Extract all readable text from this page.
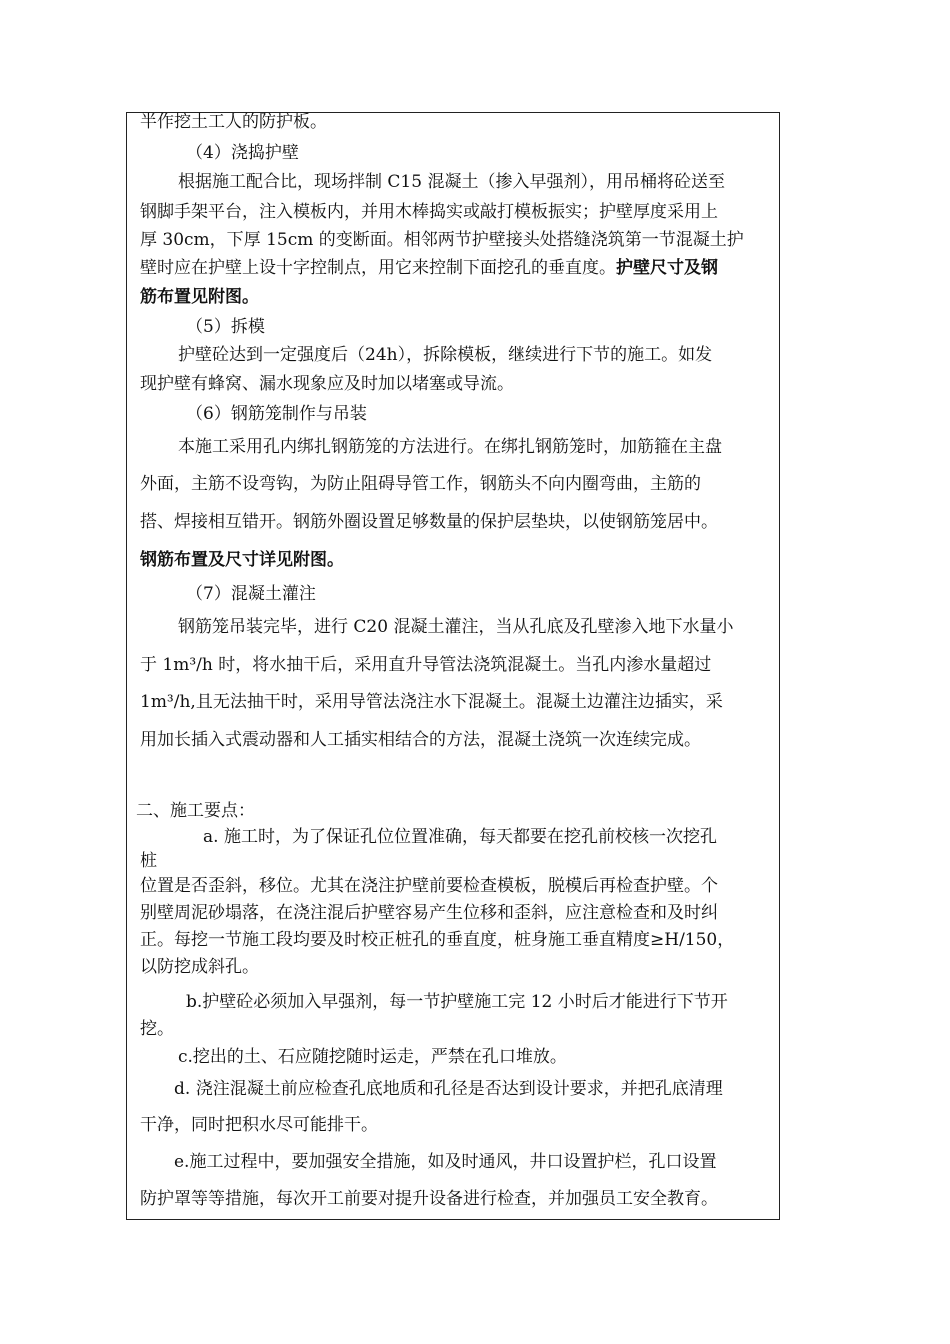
半作挖土工人的防护板。
（4）浇捣护壁
根据施工配合比，现场拌制 C15 混凝土（掺入早强剂），用吊桶将砼送至
钢脚手架平台，注入模板内，并用木棒捣实或敲打模板振实；护壁厚度采用上
厚 30cm，下厚 15cm 的变断面。相邻两节护壁接头处搭缝浇筑第一节混凝土护
壁时应在护壁上设十字控制点，用它来控制下面挖孔的垂直度。护壁尺寸及钢
筋布置见附图。
（5）拆模
护壁砼达到一定强度后（24h），拆除模板，继续进行下节的施工。如发
现护壁有蜂窝、漏水现象应及时加以堵塞或导流。
（6）钢筋笼制作与吊装
本施工采用孔内绑扎钢筋笼的方法进行。在绑扎钢筋笼时，加筋箍在主盘
外面，主筋不设弯钩，为防止阻碍导管工作，钢筋头不向内圈弯曲，主筋的
搭、焊接相互错开。钢筋外圈设置足够数量的保护层垫块，以使钢筋笼居中。
钢筋布置及尺寸详见附图。
（7）混凝土灌注
钢筋笼吊装完毕，进行 C20 混凝土灌注，当从孔底及孔壁渗入地下水量小
于 1m³/h 时，将水抽干后，采用直升导管法浇筑混凝土。当孔内渗水量超过
1m³/h,且无法抽干时，采用导管法浇注水下混凝土。混凝土边灌注边插实，采
用加长插入式震动器和人工插实相结合的方法，混凝土浇筑一次连续完成。
二、施工要点：
a. 施工时，为了保证孔位位置准确，每天都要在挖孔前校核一次挖孔
桩
位置是否歪斜，移位。尤其在浇注护壁前要检查模板，脱模后再检查护壁。个
别壁周泥砂塌落，在浇注混后护壁容易产生位移和歪斜，应注意检查和及时纠
正。每挖一节施工段均要及时校正桩孔的垂直度，桩身施工垂直精度≥H/150，
以防挖成斜孔。
b.护壁砼必须加入早强剂，每一节护壁施工完 12 小时后才能进行下节开
挖。
c.挖出的土、石应随挖随时运走，严禁在孔口堆放。
d. 浇注混凝土前应检查孔底地质和孔径是否达到设计要求，并把孔底清理
干净，同时把积水尽可能排干。
e.施工过程中，要加强安全措施，如及时通风，井口设置护栏，孔口设置
防护罩等等措施，每次开工前要对提升设备进行检查，并加强员工安全教育。
